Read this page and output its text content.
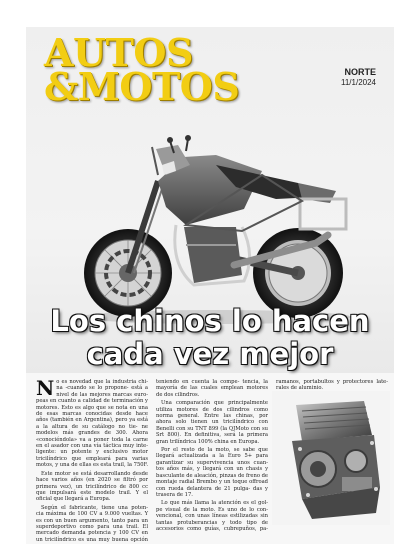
AUTOS
&MOTOS	NORTE
11/1/2024
Los chinos lo hacen
cada vez mejor

No es novedad que la industria chi- na -cuando se lo propone- está a nivel de las mejores marcas euro- peas en cuanto a calidad de terminación y motores. Esto es algo que se nota en una de esas marcas conocidas desde hace años (también en Argentina), pero ya está a la altura de su catálogo no tie- ne modelos más grandes de 300. Ahora «conociéndola» va a poner toda la carne en el asador con una vía táctica muy inte- ligente: un potente y exclusivo motor tricilíndrico que empleará para varias motos, y una de ellas es esta trail, la 750F.

Este motor se está desarrollando desde hace varios años (en 2020 se filtró por primera vez), un tricilíndrico de 800 cc que impulsará este modelo trail. Y el oficial que llegará a Europa.

Según el fabricante, tiene una poten- cia máxima de 100 CV a 9.000 vueltas. Y es con un buen argumento, tanto para un superdeportivo como para una trail. El mercado demanda potencia y 100 CV en un tricilíndrico es una muy buena opción teniendo en cuenta la compe- tencia, la mayoría de las cuales emplean motores de dos cilindros.

Una comparación que principalmente utiliza motores de dos cilindros como norma general. Entre las chinas, por ahora solo tienen un tricilíndrico con Benelli con su TNT 899 (la QJMoto con su Srt 800). En definitiva, será la primera gran trilíndrica 100% china en Europa.

Por el resto de la moto, se sabe que llegará actualizada a la Euro 5+ para garantizar su supervivencia unos cuan- tos años más, y llegará con un chasis y basculante de aleación, pinzas de freno de montaje radial Brembo y un toque offroad con rueda delantera de 21 pulga- das y trasera de 17.

Lo que más llama la atención es el gol- pe visual de la moto. Es uno de lo con- vencional, con unas líneas estilizadas sin tantas protuberancias y todo tipo de accesorios como guías, cubrepuños, pa- ramanos, portabultos y protectores late- rales de aluminio.
